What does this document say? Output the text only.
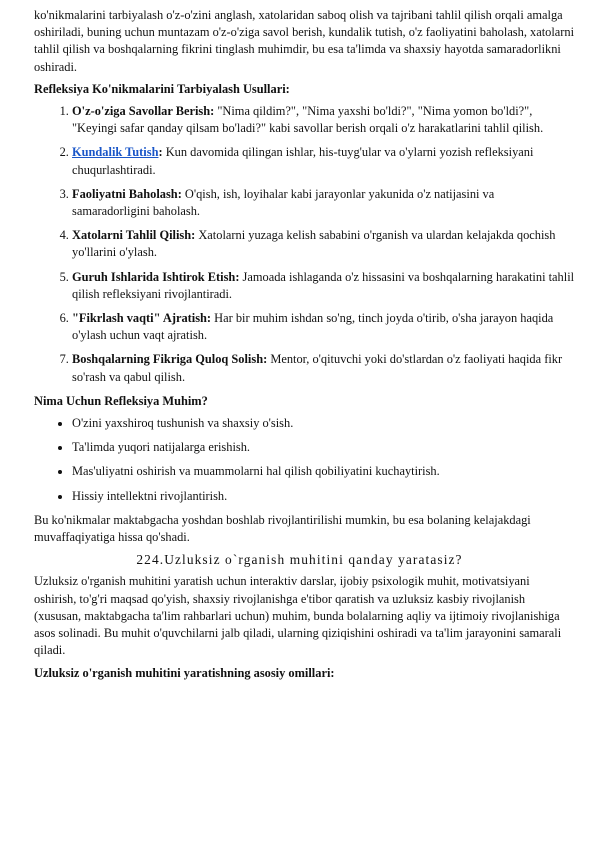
ko'nikmalarini tarbiyalash o'z-o'zini anglash, xatolaridan saboq olish va tajribani tahlil qilish orqali amalga oshiriladi, buning uchun muntazam o'z-o'ziga savol berish, kundalik tutish, o'z faoliyatini baholash, xatolarni tahlil qilish va boshqalarning fikrini tinglash muhimdir, bu esa ta'limda va shaxsiy hayotda samaradorlikni oshiradi.

Refleksiya Ko'nikmalarini Tarbiyalash Usullari:
1. O'z-o'ziga Savollar Berish: "Nima qildim?", "Nima yaxshi bo'ldi?", "Nima yomon bo'ldi?", "Keyingi safar qanday qilsam bo'ladi?" kabi savollar berish orqali o'z harakatlarini tahlil qilish.
2. Kundalik Tutish: Kun davomida qilingan ishlar, his-tuyg'ular va o'ylarni yozish refleksiyani chuqurlashtiradi.
3. Faoliyatni Baholash: O'qish, ish, loyihalar kabi jarayonlar yakunida o'z natijasini va samaradorligini baholash.
4. Xatolarni Tahlil Qilish: Xatolarni yuzaga kelish sababini o'rganish va ulardan kelajakda qochish yo'llarini o'ylash.
5. Guruh Ishlarida Ishtirok Etish: Jamoada ishlaganda o'z hissasini va boshqalarning harakatini tahlil qilish refleksiyani rivojlantiradi.
6. "Fikrlash vaqti" Ajratish: Har bir muhim ishdan so'ng, tinch joyda o'tirib, o'sha jarayon haqida o'ylash uchun vaqt ajratish.
7. Boshqalarning Fikriga Quloq Solish: Mentor, o'qituvchi yoki do'stlardan o'z faoliyati haqida fikr so'rash va qabul qilish.
Nima Uchun Refleksiya Muhim?
• O'zini yaxshiroq tushunish va shaxsiy o'sish.
• Ta'limda yuqori natijalarga erishish.
• Mas'uliyatni oshirish va muammolarni hal qilish qobiliyatini kuchaytirish.
• Hissiy intellektni rivojlantirish.

Bu ko'nikmalar maktabgacha yoshdan boshlab rivojlantirilishi mumkin, bu esa bolaning kelajakdagi muvaffaqiyatiga hissa qo'shadi.

224.Uzluksiz o`rganish muhitini qanday yaratasiz?

Uzluksiz o'rganish muhitini yaratish uchun interaktiv darslar, ijobiy psixologik muhit, motivatsiyani oshirish, to'g'ri maqsad qo'yish, shaxsiy rivojlanishga e'tibor qaratish va uzluksiz kasbiy rivojlanish (xususan, maktabgacha ta'lim rahbarlari uchun) muhim, bunda bolalarning aqliy va ijtimoiy rivojlanishiga asos solinadi. Bu muhit o'quvchilarni jalb qiladi, ularning qiziqishini oshiradi va ta'lim jarayonini samarali qiladi.

Uzluksiz o'rganish muhitini yaratishning asosiy omillari:
